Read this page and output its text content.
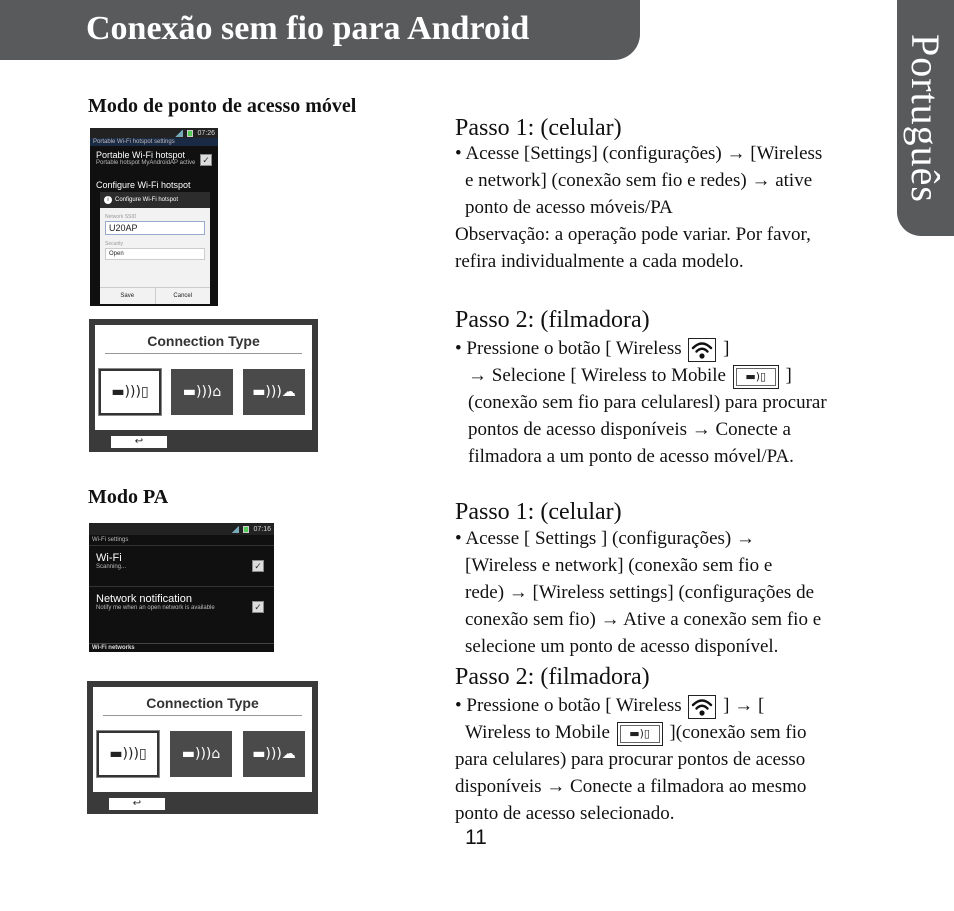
Conexão sem fio para Android
Português
Modo de ponto de acesso móvel
07:26
Portable Wi-Fi hotspot settings
Portable Wi-Fi hotspot
Portable hotspot MyAndroidAP active ✓
Configure Wi-Fi hotspot
i	Configure Wi-Fi hotspot
Network SSID
U20AP
Security
Open
Save	Cancel
Connection Type
▬)))▯ ▬)))⌂ ▬)))☁
↩
Modo PA
07:16
Wi-Fi settings
Wi-Fi
Scanning...	✓
Network notification
Notify me when an open network is available	✓
Wi-Fi networks
Connection Type
▬)))▯	▬)))⌂ ▬)))☁
↩
Passo 1: (celular)
• Acesse [Settings] (configurações) → [Wireless
e network] (conexão sem fio e redes) → ative
ponto de acesso móveis/PA
Observação: a operação pode variar. Por favor,
refira individualmente a cada modelo.
Passo 2: (filmadora)
• Pressione o botão [ Wireless ]
→ Selecione [ Wireless to Mobile ▬)▯ ]
(conexão sem fio para celularesl) para procurar
pontos de acesso disponíveis → Conecte a
filmadora a um ponto de acesso móvel/PA.
Passo 1: (celular)
• Acesse [ Settings ] (configurações) →
[Wireless e network] (conexão sem fio e
rede) → [Wireless settings] (configurações de
conexão sem fio) → Ative a conexão sem fio e
selecione um ponto de acesso disponível.
Passo 2: (filmadora)
• Pressione o botão [ Wireless ] → [
Wireless to Mobile ▬)▯ ](conexão sem fio
para celulares) para procurar pontos de acesso
disponíveis → Conecte a filmadora ao mesmo
ponto de acesso selecionado.
11
